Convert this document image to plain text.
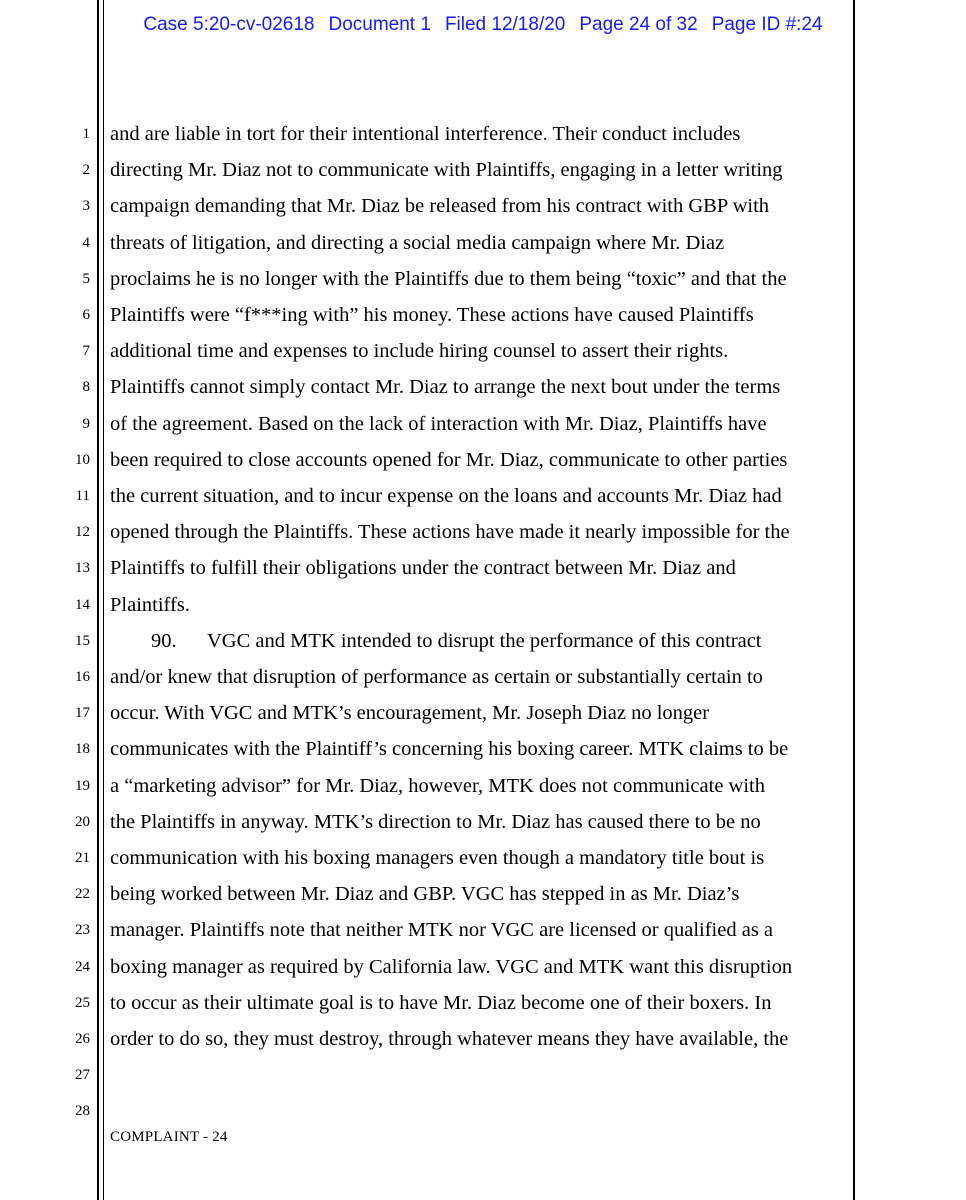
Case 5:20-cv-02618 Document 1 Filed 12/18/20 Page 24 of 32 Page ID #:24
1
2
3
4
5
6
7
8
9
10
11
12
13
14
15
16
17
18
19
20
21
22
23
24
25
26
27
28
and are liable in tort for their intentional interference. Their conduct includes
directing Mr. Diaz not to communicate with Plaintiffs, engaging in a letter writing
campaign demanding that Mr. Diaz be released from his contract with GBP with
threats of litigation, and directing a social media campaign where Mr. Diaz
proclaims he is no longer with the Plaintiffs due to them being “toxic” and that the
Plaintiffs were “f***ing with” his money. These actions have caused Plaintiffs
additional time and expenses to include hiring counsel to assert their rights.
Plaintiffs cannot simply contact Mr. Diaz to arrange the next bout under the terms
of the agreement. Based on the lack of interaction with Mr. Diaz, Plaintiffs have
been required to close accounts opened for Mr. Diaz, communicate to other parties
the current situation, and to incur expense on the loans and accounts Mr. Diaz had
opened through the Plaintiffs. These actions have made it nearly impossible for the
Plaintiffs to fulfill their obligations under the contract between Mr. Diaz and
Plaintiffs.
90.      VGC and MTK intended to disrupt the performance of this contract
and/or knew that disruption of performance as certain or substantially certain to
occur. With VGC and MTK’s encouragement, Mr. Joseph Diaz no longer
communicates with the Plaintiff’s concerning his boxing career. MTK claims to be
a “marketing advisor” for Mr. Diaz, however, MTK does not communicate with
the Plaintiffs in anyway. MTK’s direction to Mr. Diaz has caused there to be no
communication with his boxing managers even though a mandatory title bout is
being worked between Mr. Diaz and GBP. VGC has stepped in as Mr. Diaz’s
manager. Plaintiffs note that neither MTK nor VGC are licensed or qualified as a
boxing manager as required by California law. VGC and MTK want this disruption
to occur as their ultimate goal is to have Mr. Diaz become one of their boxers. In
order to do so, they must destroy, through whatever means they have available, the
COMPLAINT - 24
